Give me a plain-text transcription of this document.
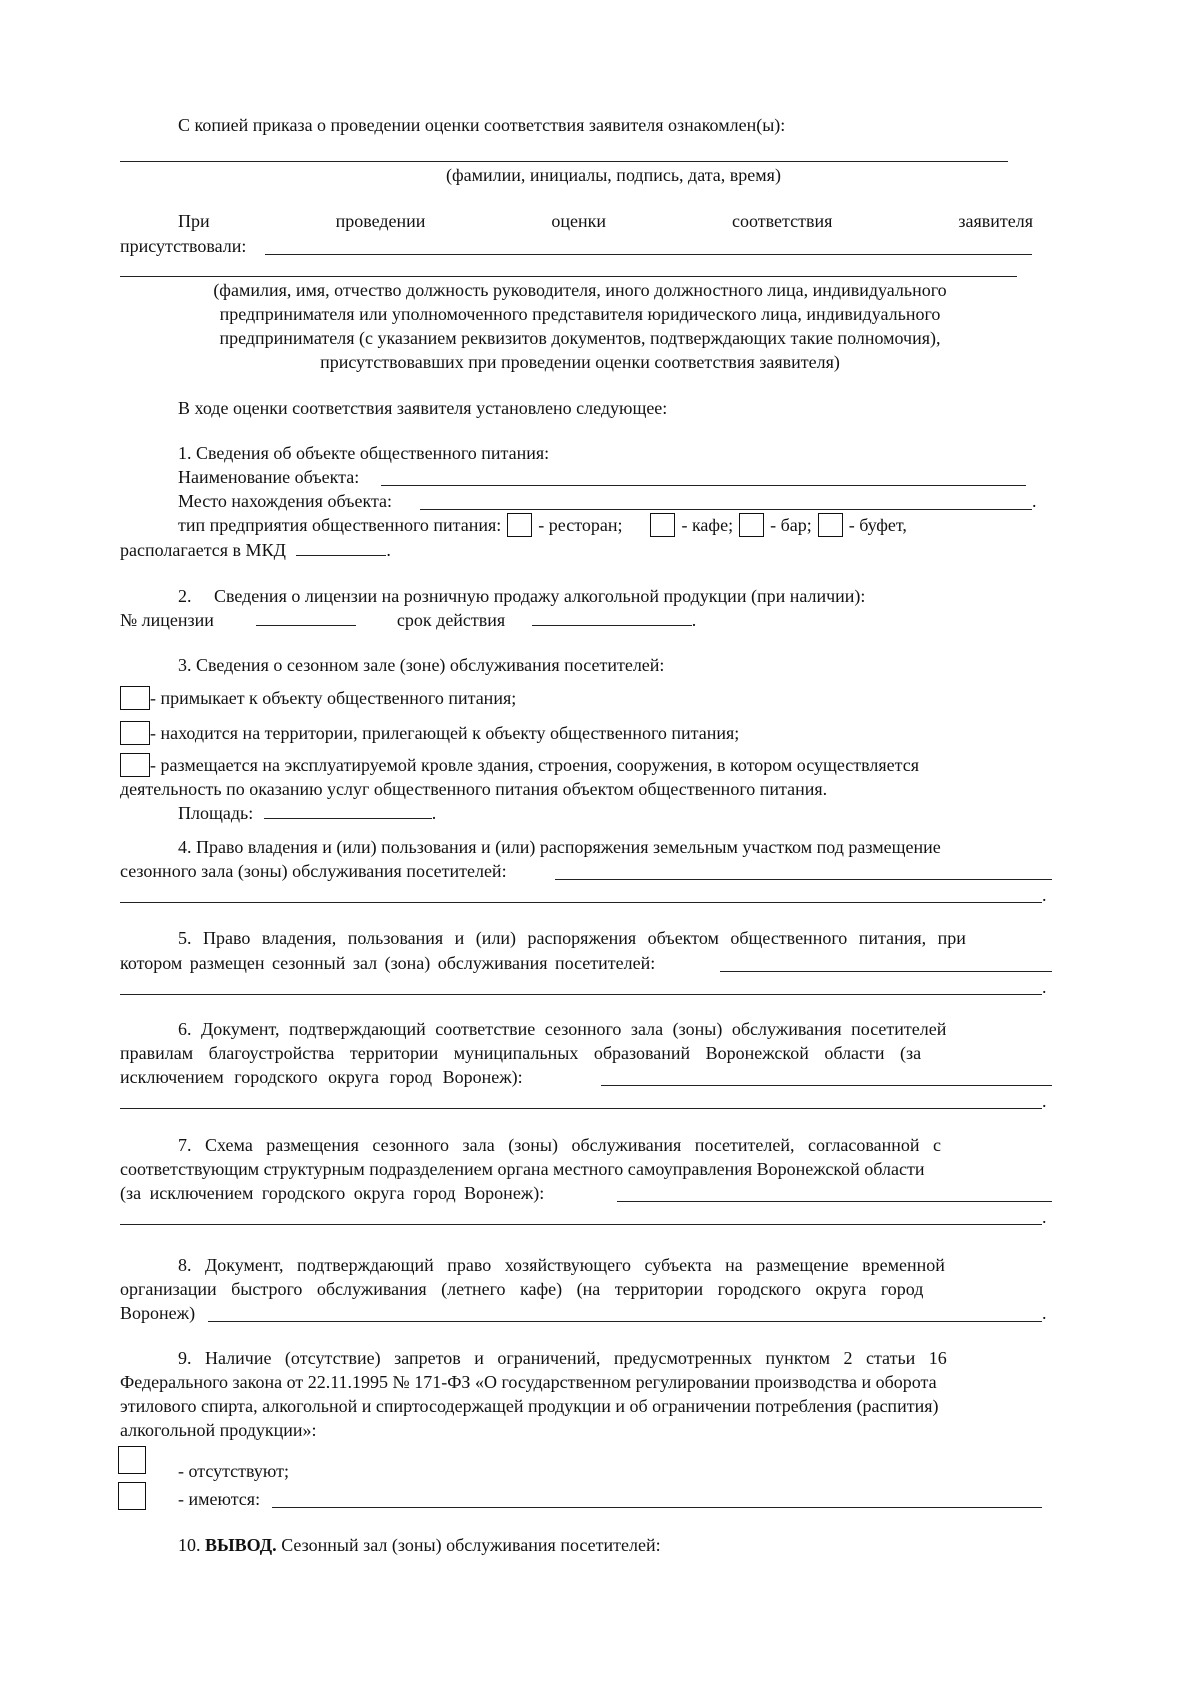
С копией приказа о проведении оценки соответствия заявителя ознакомлен(ы):
(фамилии, инициалы, подпись, дата, время)
При	проведении	оценки	соответствия	заявителя
присутствовали:
(фамилия, имя, отчество должность руководителя, иного должностного лица, индивидуального
предпринимателя или уполномоченного представителя юридического лица, индивидуального
предпринимателя (с указанием реквизитов документов, подтверждающих такие полномочия),
присутствовавших при проведении оценки соответствия заявителя)
В ходе оценки соответствия заявителя установлено следующее:
1. Сведения об объекте общественного питания:
Наименование объекта:
Место нахождения объекта:	.
тип предприятия общественного питания: - ресторан;	- кафе; - бар; - буфет,
располагается в МКД	.
2. Сведения о лицензии на розничную продажу алкогольной продукции (при наличии):
№ лицензии	срок действия	.
3. Сведения о сезонном зале (зоне) обслуживания посетителей:
- примыкает к объекту общественного питания;
- находится на территории, прилегающей к объекту общественного питания;
- размещается на эксплуатируемой кровле здания, строения, сооружения, в котором осуществляется
деятельность по оказанию услуг общественного питания объектом общественного питания.
Площадь:	.
4. Право владения и (или) пользования и (или) распоряжения земельным участком под размещение
сезонного зала (зоны) обслуживания посетителей:
.
5. Право владения, пользования и (или) распоряжения объектом общественного питания, при
котором размещен сезонный зал (зона) обслуживания посетителей:
.
6. Документ, подтверждающий соответствие сезонного зала (зоны) обслуживания посетителей
правилам благоустройства территории муниципальных образований Воронежской области (за
исключением городского округа город Воронеж):
.
7. Схема размещения сезонного зала (зоны) обслуживания посетителей, согласованной с
соответствующим структурным подразделением органа местного самоуправления Воронежской области
(за исключением городского округа город Воронеж):
.
8. Документ, подтверждающий право хозяйствующего субъекта на размещение временной
организации быстрого обслуживания (летнего кафе) (на территории городского округа город
Воронеж)	.
9. Наличие (отсутствие) запретов и ограничений, предусмотренных пунктом 2 статьи 16
Федерального закона от 22.11.1995 № 171-ФЗ «О государственном регулировании производства и оборота
этилового спирта, алкогольной и спиртосодержащей продукции и об ограничении потребления (распития)
алкогольной продукции»:
- отсутствуют;
- имеются:
10. ВЫВОД. Сезонный зал (зоны) обслуживания посетителей:
